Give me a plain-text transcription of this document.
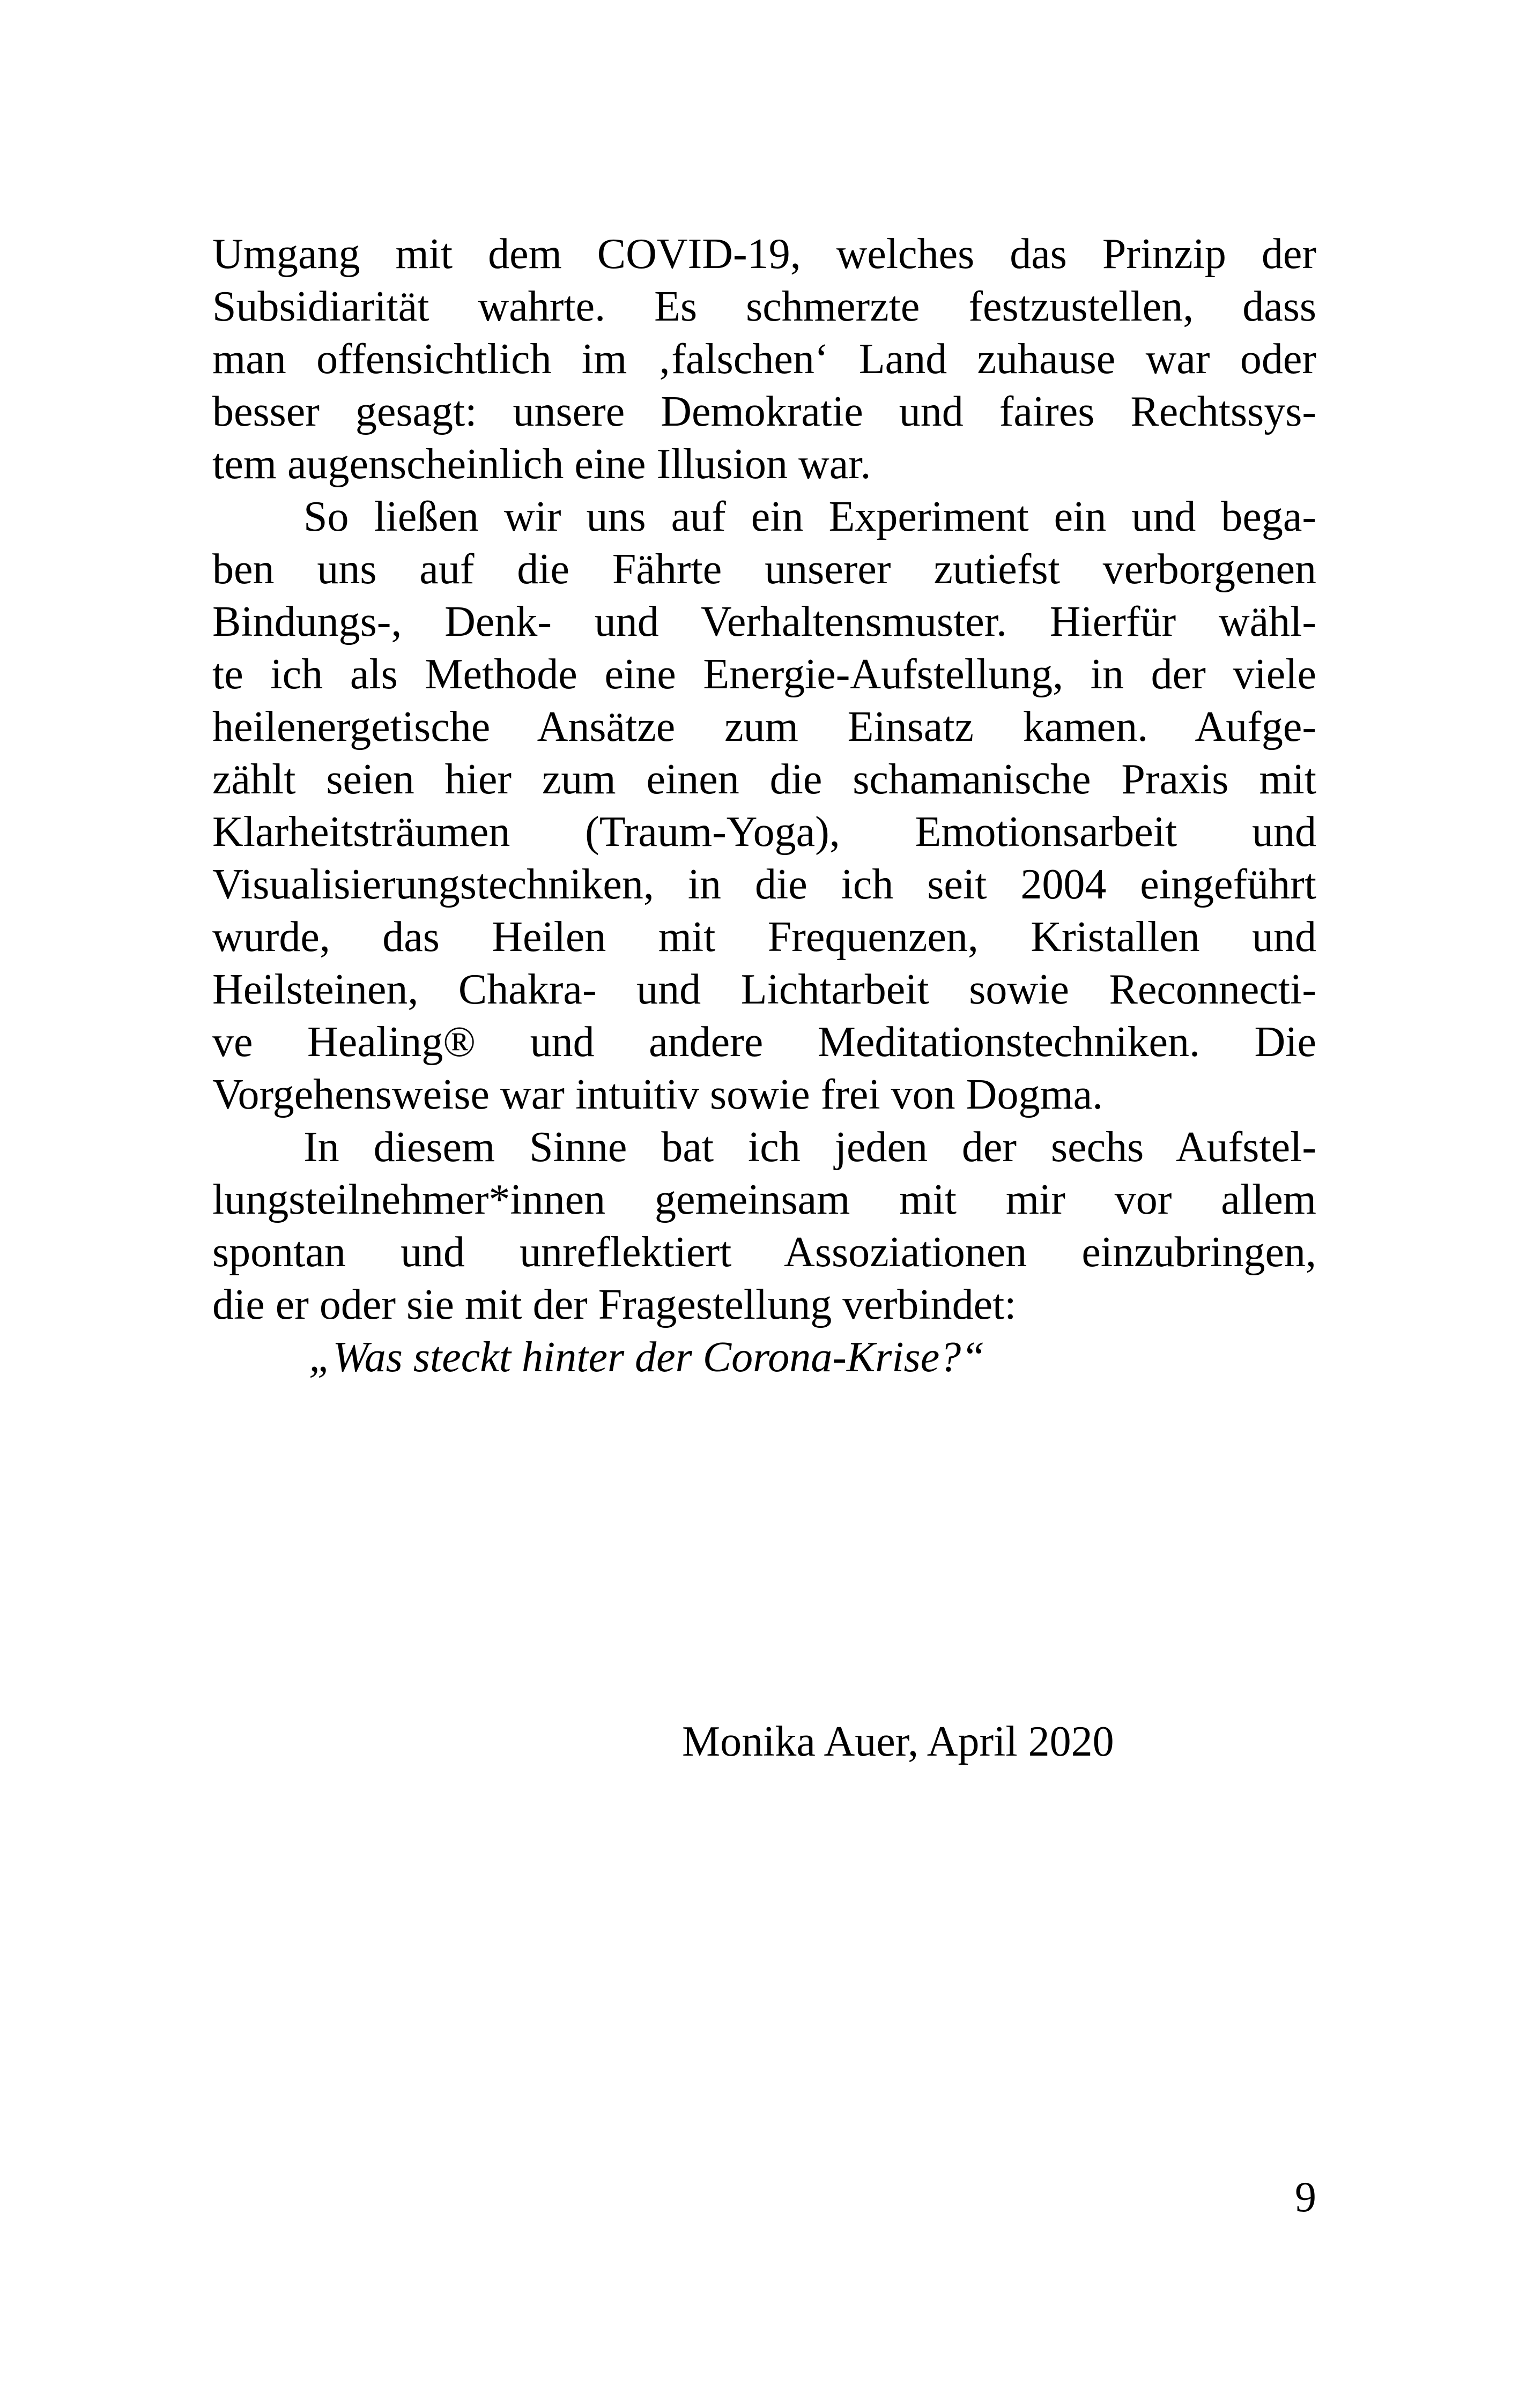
Umgang mit dem COVID-19, welches das Prinzip der
Subsidiarität wahrte. Es schmerzte festzustellen, dass
man offensichtlich im ‚falschen‘ Land zuhause war oder
besser gesagt: unsere Demokratie und faires Rechtssys-
tem augenscheinlich eine Illusion war.
So ließen wir uns auf ein Experiment ein und bega-
ben uns auf die Fährte unserer zutiefst verborgenen
Bindungs-, Denk- und Verhaltensmuster. Hierfür wähl-
te ich als Methode eine Energie-Aufstellung, in der viele
heilenergetische Ansätze zum Einsatz kamen. Aufge-
zählt seien hier zum einen die schamanische Praxis mit
Klarheitsträumen (Traum-Yoga), Emotionsarbeit und
Visualisierungstechniken, in die ich seit 2004 eingeführt
wurde, das Heilen mit Frequenzen, Kristallen und
Heilsteinen, Chakra- und Lichtarbeit sowie Reconnecti-
ve Healing® und andere Meditationstechniken. Die
Vorgehensweise war intuitiv sowie frei von Dogma.
In diesem Sinne bat ich jeden der sechs Aufstel-
lungsteilnehmer*innen gemeinsam mit mir vor allem
spontan und unreflektiert Assoziationen einzubringen,
die er oder sie mit der Fragestellung verbindet:
„Was steckt hinter der Corona-Krise?“
Monika Auer, April 2020
9
